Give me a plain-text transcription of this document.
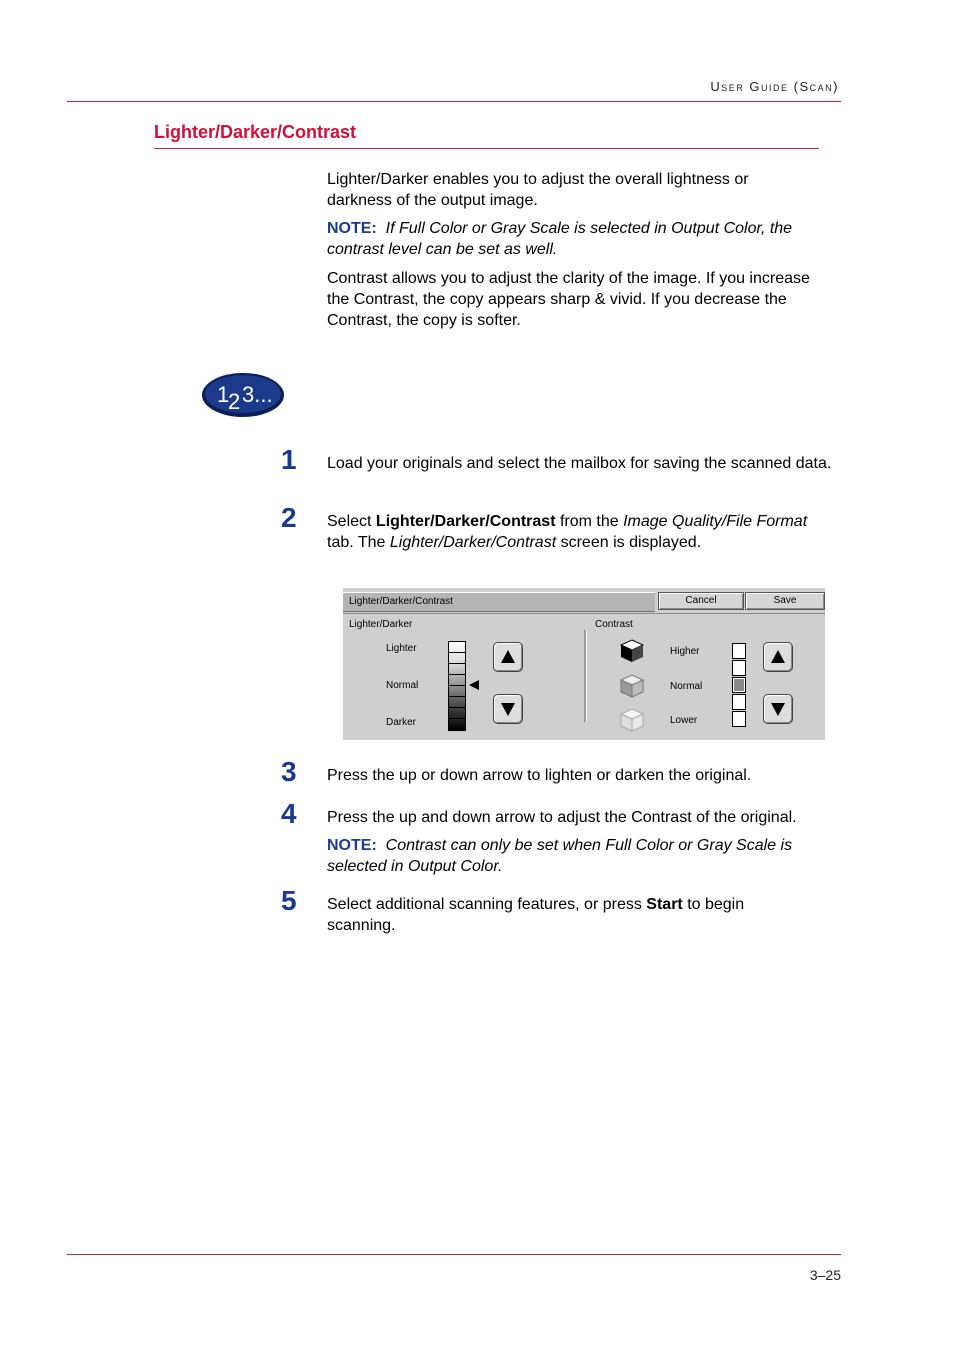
User Guide (Scan)
Lighter/Darker/Contrast
Lighter/Darker enables you to adjust the overall lightness or darkness of the output image.
NOTE: If Full Color or Gray Scale is selected in Output Color, the contrast level can be set as well.
Contrast allows you to adjust the clarity of the image. If you increase the Contrast, the copy appears sharp & vivid. If you decrease the Contrast, the copy is softer.
1
2 3...
1 Load your originals and select the mailbox for saving the scanned data.
2 Select Lighter/Darker/Contrast from the Image Quality/File Format tab. The Lighter/Darker/Contrast screen is displayed.
Lighter/Darker/Contrast	Cancel	Save
Lighter/Darker
Lighter
Normal
Darker
Contrast
Higher
Normal
Lower
3 Press the up or down arrow to lighten or darken the original.
4 Press the up and down arrow to adjust the Contrast of the original.
NOTE: Contrast can only be set when Full Color or Gray Scale is selected in Output Color.
5 Select additional scanning features, or press Start to begin scanning.
3–25
